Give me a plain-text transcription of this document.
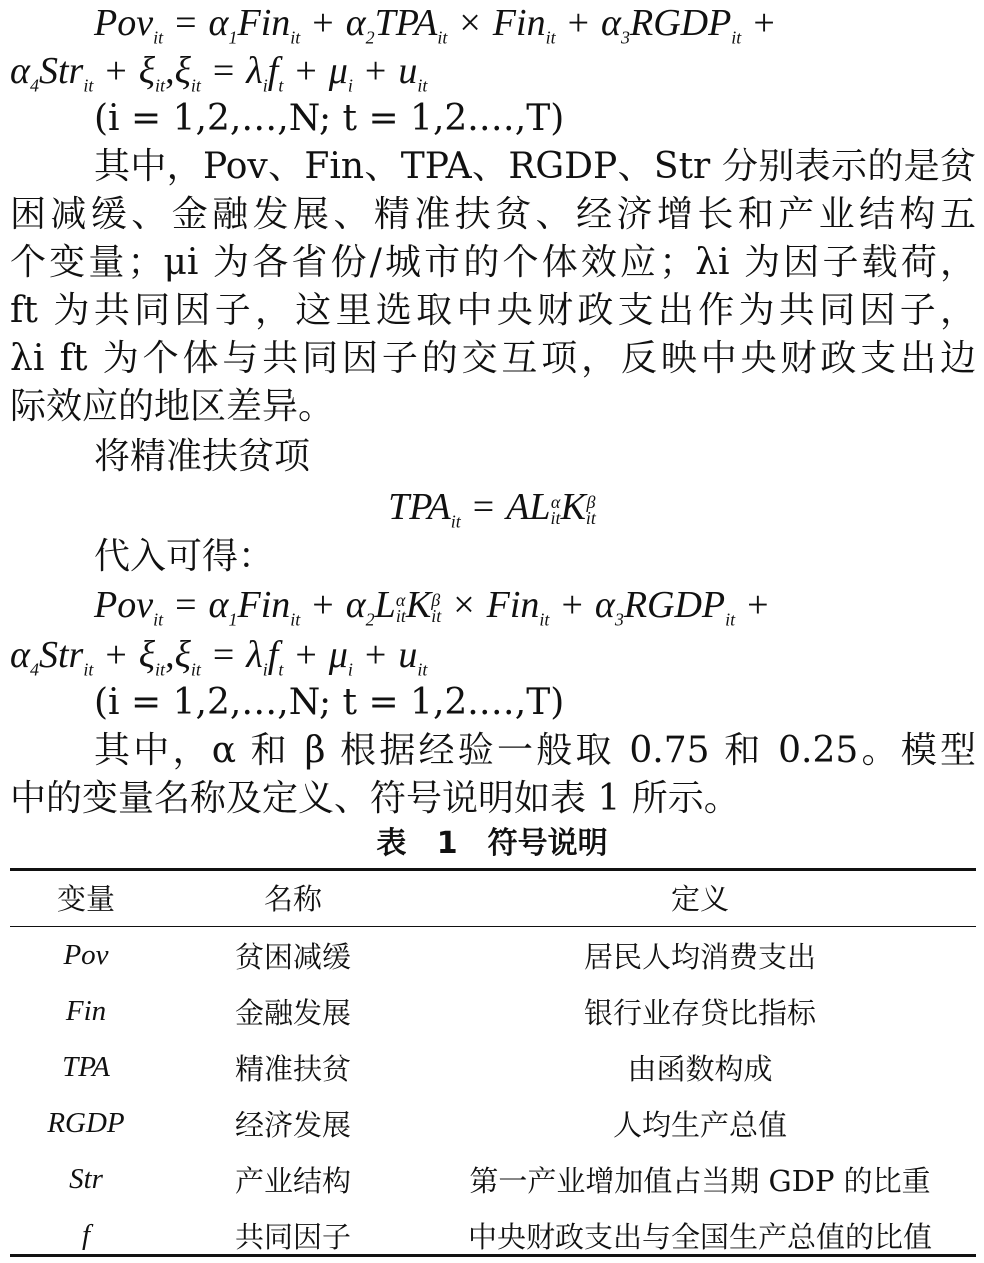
$Pov_{it} = \alpha_1Fin_{it} + \alpha_2TPA_{it} \times Fin_{it}$ + $\alpha_3RGDP_{it}$ +
$\alpha_4Str_{it} + \xi_{it},\xi_{it} = \lambda_if_t + \mu_i + u_{it}$
(i = 1,2,…,N; t = 1,2.…,T)
其中，Pov、Fin、TPA、RGDP、Str 分别表示的是贫
困减缓、金融发展、精准扶贫、经济增长和产业结构五
个变量；μi 为各省份/城市的个体效应；λi 为因子载荷，
ft 为共同因子，这里选取中央财政支出作为共同因子，
λi ft 为个体与共同因子的交互项，反映中央财政支出边
际效应的地区差异。
将精准扶贫项
$TPA_{it}$ = AL α
it K β
it
代入可得：
$Pov_{it} = \alpha_1Fin_{it} + \alpha_2L$ α
it K β
it × $Fin_{it} + \alpha_3RGDP_{it}$ +
$\alpha_4Str_{it} + \xi_{it},\xi_{it} = \lambda_if_t + \mu_i + u_{it}$
(i = 1,2,…,N; t = 1,2.…,T)
其中，α 和 β 根据经验一般取 0.75 和 0.25。模型
中的变量名称及定义、符号说明如表 1 所示。
表 1　符号说明
变量	名称	定义
Pov	贫困减缓	居民人均消费支出
Fin	金融发展	银行业存贷比指标
TPA	精准扶贫	由函数构成
RGDP	经济发展	人均生产总值
Str	产业结构	第一产业增加值占当期 GDP 的比重
f	共同因子	中央财政支出与全国生产总值的比值
